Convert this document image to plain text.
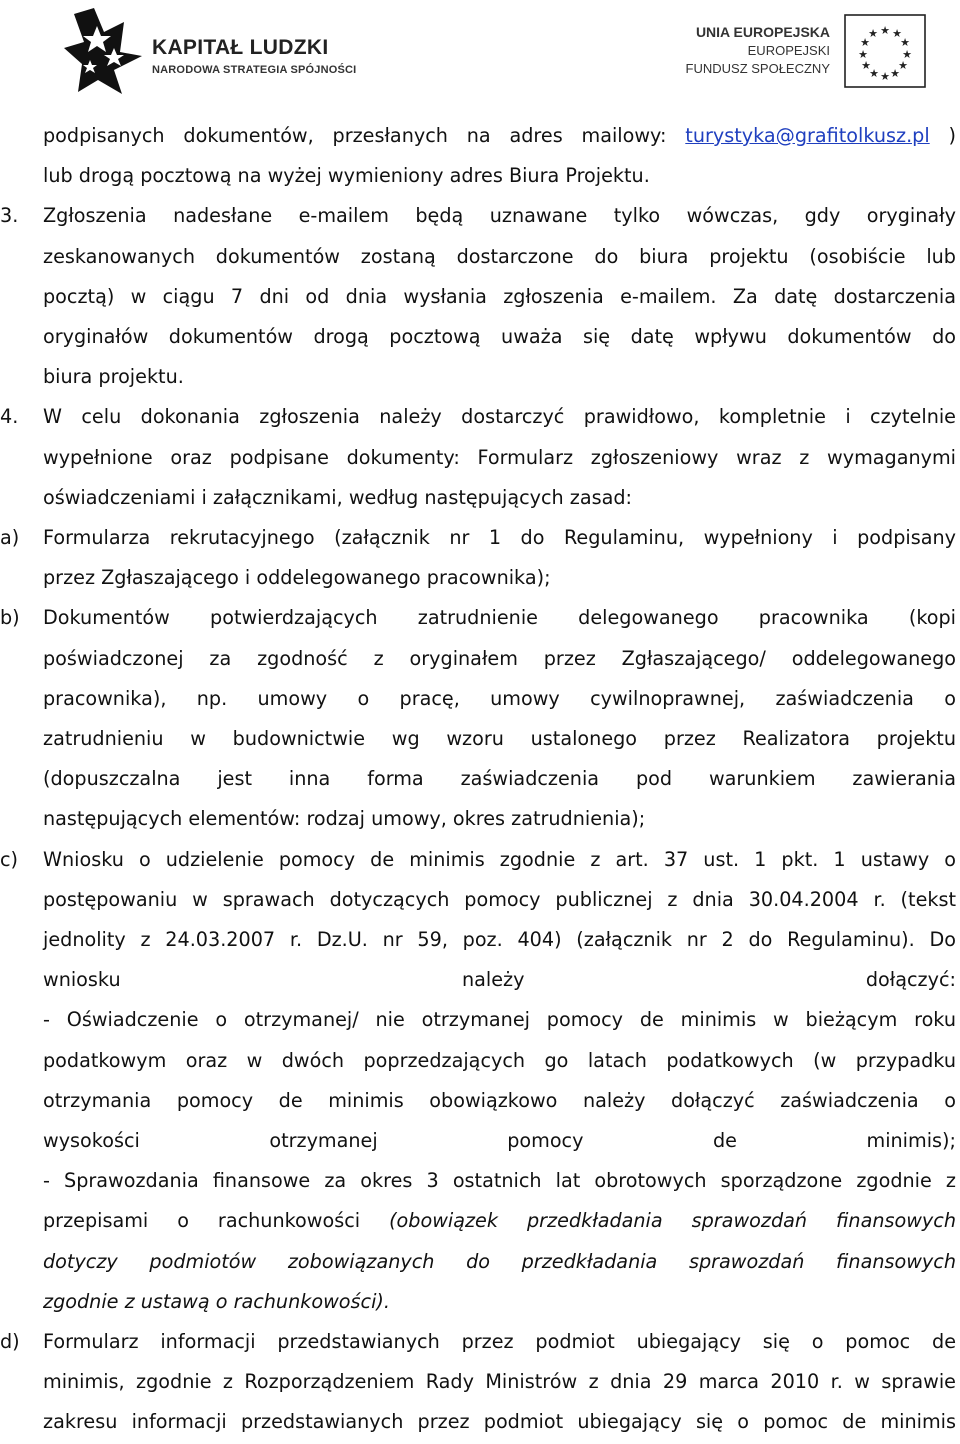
KAPITAŁ LUDZKI
NARODOWA STRATEGIA SPÓJNOŚCI
UNIA EUROPEJSKA
EUROPEJSKI
FUNDUSZ SPOŁECZNY
★ ★
★
★
★
★
★
★
★
★
★
★
podpisanych dokumentów, przesłanych na adres mailowy: turystyka@grafitolkusz.pl )
lub drogą pocztową na wyżej wymieniony adres Biura Projektu.
3. Zgłoszenia nadesłane e-mailem będą uznawane tylko wówczas, gdy oryginały
zeskanowanych dokumentów zostaną dostarczone do biura projektu (osobiście lub
pocztą) w ciągu 7 dni od dnia wysłania zgłoszenia e-mailem. Za datę dostarczenia
oryginałów dokumentów drogą pocztową uważa się datę wpływu dokumentów do
biura projektu.
4. W celu dokonania zgłoszenia należy dostarczyć prawidłowo, kompletnie i czytelnie
wypełnione oraz podpisane dokumenty: Formularz zgłoszeniowy wraz z wymaganymi
oświadczeniami i załącznikami, według następujących zasad:
a) Formularza rekrutacyjnego (załącznik nr 1 do Regulaminu, wypełniony i podpisany
przez Zgłaszającego i oddelegowanego pracownika);
b) Dokumentów potwierdzających zatrudnienie delegowanego pracownika (kopi
poświadczonej za zgodność z oryginałem przez Zgłaszającego/ oddelegowanego
pracownika), np. umowy o pracę, umowy cywilnoprawnej, zaświadczenia o
zatrudnieniu w budownictwie wg wzoru ustalonego przez Realizatora projektu
(dopuszczalna jest inna forma zaświadczenia pod warunkiem zawierania
następujących elementów: rodzaj umowy, okres zatrudnienia);
c) Wniosku o udzielenie pomocy de minimis zgodnie z art. 37 ust. 1 pkt. 1 ustawy o
postępowaniu w sprawach dotyczących pomocy publicznej z dnia 30.04.2004 r. (tekst
jednolity z 24.03.2007 r. Dz.U. nr 59, poz. 404) (załącznik nr 2 do Regulaminu). Do
wniosku należy dołączyć:
- Oświadczenie o otrzymanej/ nie otrzymanej pomocy de minimis w bieżącym roku
podatkowym oraz w dwóch poprzedzających go latach podatkowych (w przypadku
otrzymania pomocy de minimis obowiązkowo należy dołączyć zaświadczenia o
wysokości otrzymanej pomocy de minimis);
- Sprawozdania finansowe za okres 3 ostatnich lat obrotowych sporządzone zgodnie z
przepisami o rachunkowości (obowiązek przedkładania sprawozdań finansowych
dotyczy podmiotów zobowiązanych do przedkładania sprawozdań finansowych
zgodnie z ustawą o rachunkowości).
d) Formularz informacji przedstawianych przez podmiot ubiegający się o pomoc de
minimis, zgodnie z Rozporządzeniem Rady Ministrów z dnia 29 marca 2010 r. w sprawie
zakresu informacji przedstawianych przez podmiot ubiegający się o pomoc de minimis
